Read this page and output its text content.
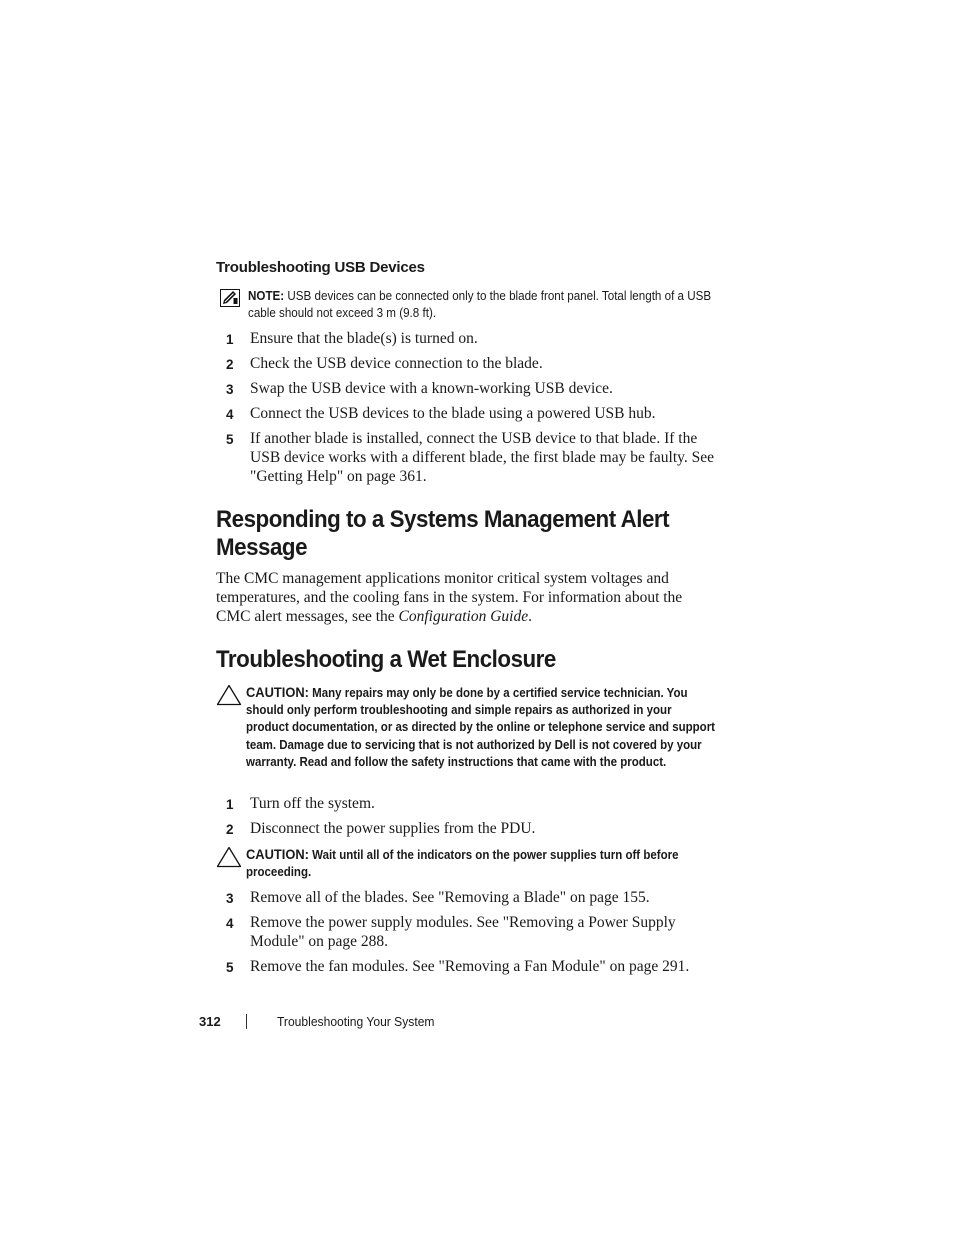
Troubleshooting USB Devices
NOTE: USB devices can be connected only to the blade front panel. Total length of a USB cable should not exceed 3 m (9.8 ft).
1 Ensure that the blade(s) is turned on.
2 Check the USB device connection to the blade.
3 Swap the USB device with a known-working USB device.
4 Connect the USB devices to the blade using a powered USB hub.
5 If another blade is installed, connect the USB device to that blade. If the USB device works with a different blade, the first blade may be faulty. See "Getting Help" on page 361.
Responding to a Systems Management Alert Message
The CMC management applications monitor critical system voltages and temperatures, and the cooling fans in the system. For information about the CMC alert messages, see the Configuration Guide.
Troubleshooting a Wet Enclosure
CAUTION: Many repairs may only be done by a certified service technician. You should only perform troubleshooting and simple repairs as authorized in your product documentation, or as directed by the online or telephone service and support team. Damage due to servicing that is not authorized by Dell is not covered by your warranty. Read and follow the safety instructions that came with the product.
1 Turn off the system.
2 Disconnect the power supplies from the PDU.
CAUTION: Wait until all of the indicators on the power supplies turn off before proceeding.
3 Remove all of the blades. See "Removing a Blade" on page 155.
4 Remove the power supply modules. See "Removing a Power Supply Module" on page 288.
5 Remove the fan modules. See "Removing a Fan Module" on page 291.
312	Troubleshooting Your System
